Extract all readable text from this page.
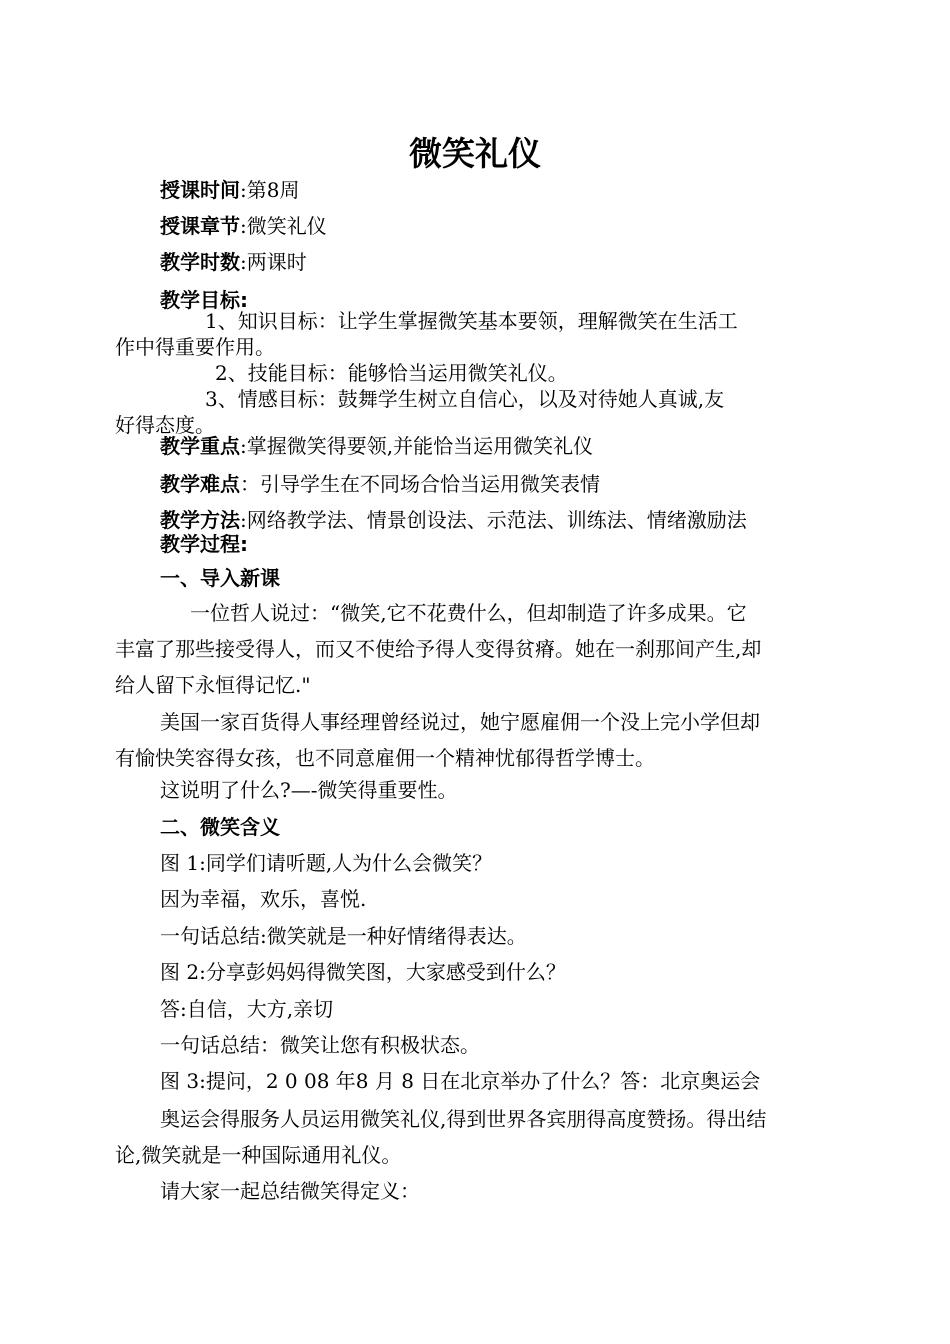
微笑礼仪
授课时间:第8周
授课章节:微笑礼仪
教学时数:两课时
教学目标:
1、知识目标：让学生掌握微笑基本要领，理解微笑在生活工
作中得重要作用。
2、技能目标：能够恰当运用微笑礼仪。
3、情感目标：鼓舞学生树立自信心，以及对待她人真诚,友
好得态度。
教学重点:掌握微笑得要领,并能恰当运用微笑礼仪
教学难点：引导学生在不同场合恰当运用微笑表情
教学方法:网络教学法、情景创设法、示范法、训练法、情绪激励法
教学过程:
一、导入新课
一位哲人说过：“微笑,它不花费什么，但却制造了许多成果。它
丰富了那些接受得人，而又不使给予得人变得贫瘠。她在一刹那间产生,却
给人留下永恒得记忆."
美国一家百货得人事经理曾经说过，她宁愿雇佣一个没上完小学但却
有愉快笑容得女孩，也不同意雇佣一个精神忧郁得哲学博士。
这说明了什么?—-微笑得重要性。
二、微笑含义
图 1:同学们请听题,人为什么会微笑？
因为幸福，欢乐，喜悦.
一句话总结:微笑就是一种好情绪得表达。
图 2:分享彭妈妈得微笑图，大家感受到什么？
答:自信，大方,亲切
一句话总结：微笑让您有积极状态。
图 3:提问，2 0 08 年8 月 8 日在北京举办了什么？答：北京奥运会
奥运会得服务人员运用微笑礼仪,得到世界各宾朋得高度赞扬。得出结
论,微笑就是一种国际通用礼仪。
请大家一起总结微笑得定义：
